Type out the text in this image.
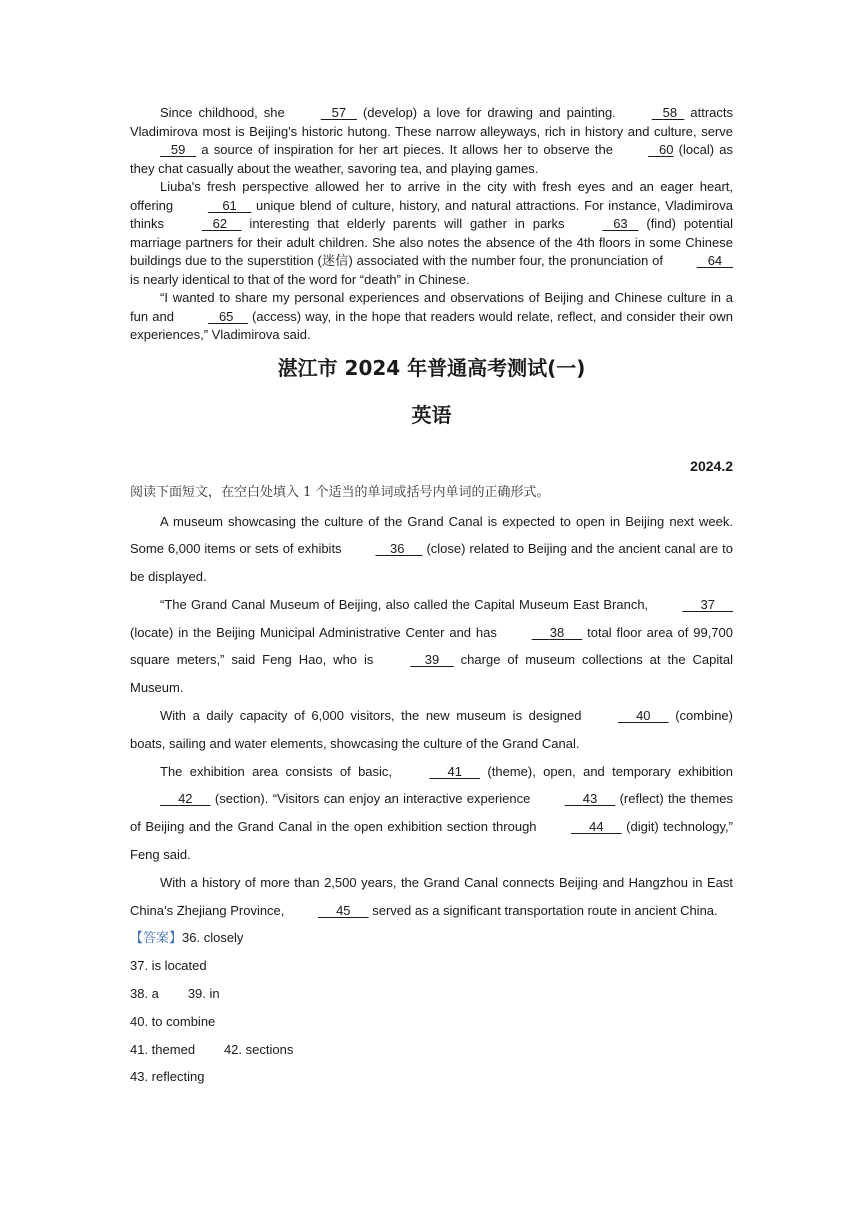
Since childhood, she	57    (develop) a love for drawing and painting.	58   attracts Vladimirova most is Beijing's historic hutong. These narrow alleyways, rich in history and culture, serve    59    a source of inspiration for her art pieces. It allows her to observe the	60 (local) as they chat casually about the weather, savoring tea, and playing games.

Liuba's fresh perspective allowed her to arrive in the city with fresh eyes and an eager heart, offering	61     unique blend of culture, history, and natural attractions. For instance, Vladimirova thinks	62     interesting that elderly parents will gather in parks	63    (find) potential marriage partners for their adult children. She also notes the absence of the 4th floors in some Chinese buildings due to the superstition (迷信) associated with the number four, the pronunciation of	64    is nearly identical to that of the word for “death” in Chinese.

“I wanted to share my personal experiences and observations of Beijing and Chinese culture in a fun and	65     (access) way, in the hope that readers would relate, reflect, and consider their own experiences,” Vladimirova said.

湛江市 2024 年普通高考测试(一)
英语
2024.2
阅读下面短文，在空白处填入 1 个适当的单词或括号内单词的正确形式。

A museum showcasing the culture of the Grand Canal is expected to open in Beijing next week. Some 6,000 items or sets of exhibits	36      (close) related to Beijing and the ancient canal are to be displayed.

“The Grand Canal Museum of Beijing, also called the Capital Museum East Branch,	37      (locate) in the Beijing Municipal Administrative Center and has	38      total floor area of 99,700 square meters,” said Feng Hao, who is	39     charge of museum collections at the Capital Museum.

With a daily capacity of 6,000 visitors, the new museum is designed	40      (combine) boats, sailing and water elements, showcasing the culture of the Grand Canal.

The exhibition area consists of basic,	41      (theme), open, and temporary exhibition      42      (section). “Visitors can enjoy an interactive experience	43      (reflect) the themes of Beijing and the Grand Canal in the open exhibition section through	44      (digit) technology,” Feng said.

With a history of more than 2,500 years, the Grand Canal connects Beijing and Hangzhou in East China’s Zhejiang Province,	45      served as a significant transportation route in ancient China.

【答案】36. closely
37. is located
38. a 39. in
40. to combine
41. themed 42. sections
43. reflecting
